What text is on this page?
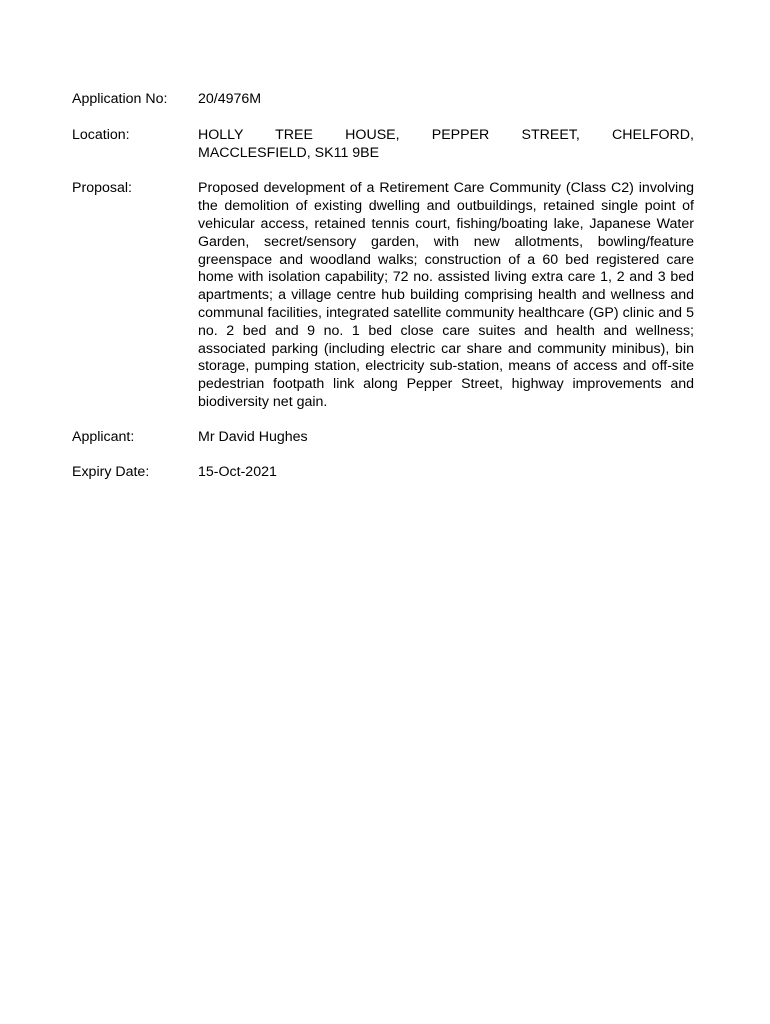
Application No:	20/4976M
Location:	HOLLY TREE HOUSE, PEPPER STREET, CHELFORD,
MACCLESFIELD, SK11 9BE
Proposal:	Proposed development of a Retirement Care Community (Class C2) involving the demolition of existing dwelling and outbuildings, retained single point of vehicular access, retained tennis court, fishing/boating lake, Japanese Water Garden, secret/sensory garden, with new allotments, bowling/feature greenspace and woodland walks; construction of a 60 bed registered care home with isolation capability; 72 no. assisted living extra care 1, 2 and 3 bed apartments; a village centre hub building comprising health and wellness and communal facilities, integrated satellite community healthcare (GP) clinic and 5 no. 2 bed and 9 no. 1 bed close care suites and health and wellness; associated parking (including electric car share and community minibus), bin storage, pumping station, electricity sub-station, means of access and off-site pedestrian footpath link along Pepper Street, highway improvements and biodiversity net gain.
Applicant:	Mr David Hughes
Expiry Date:	15-Oct-2021
